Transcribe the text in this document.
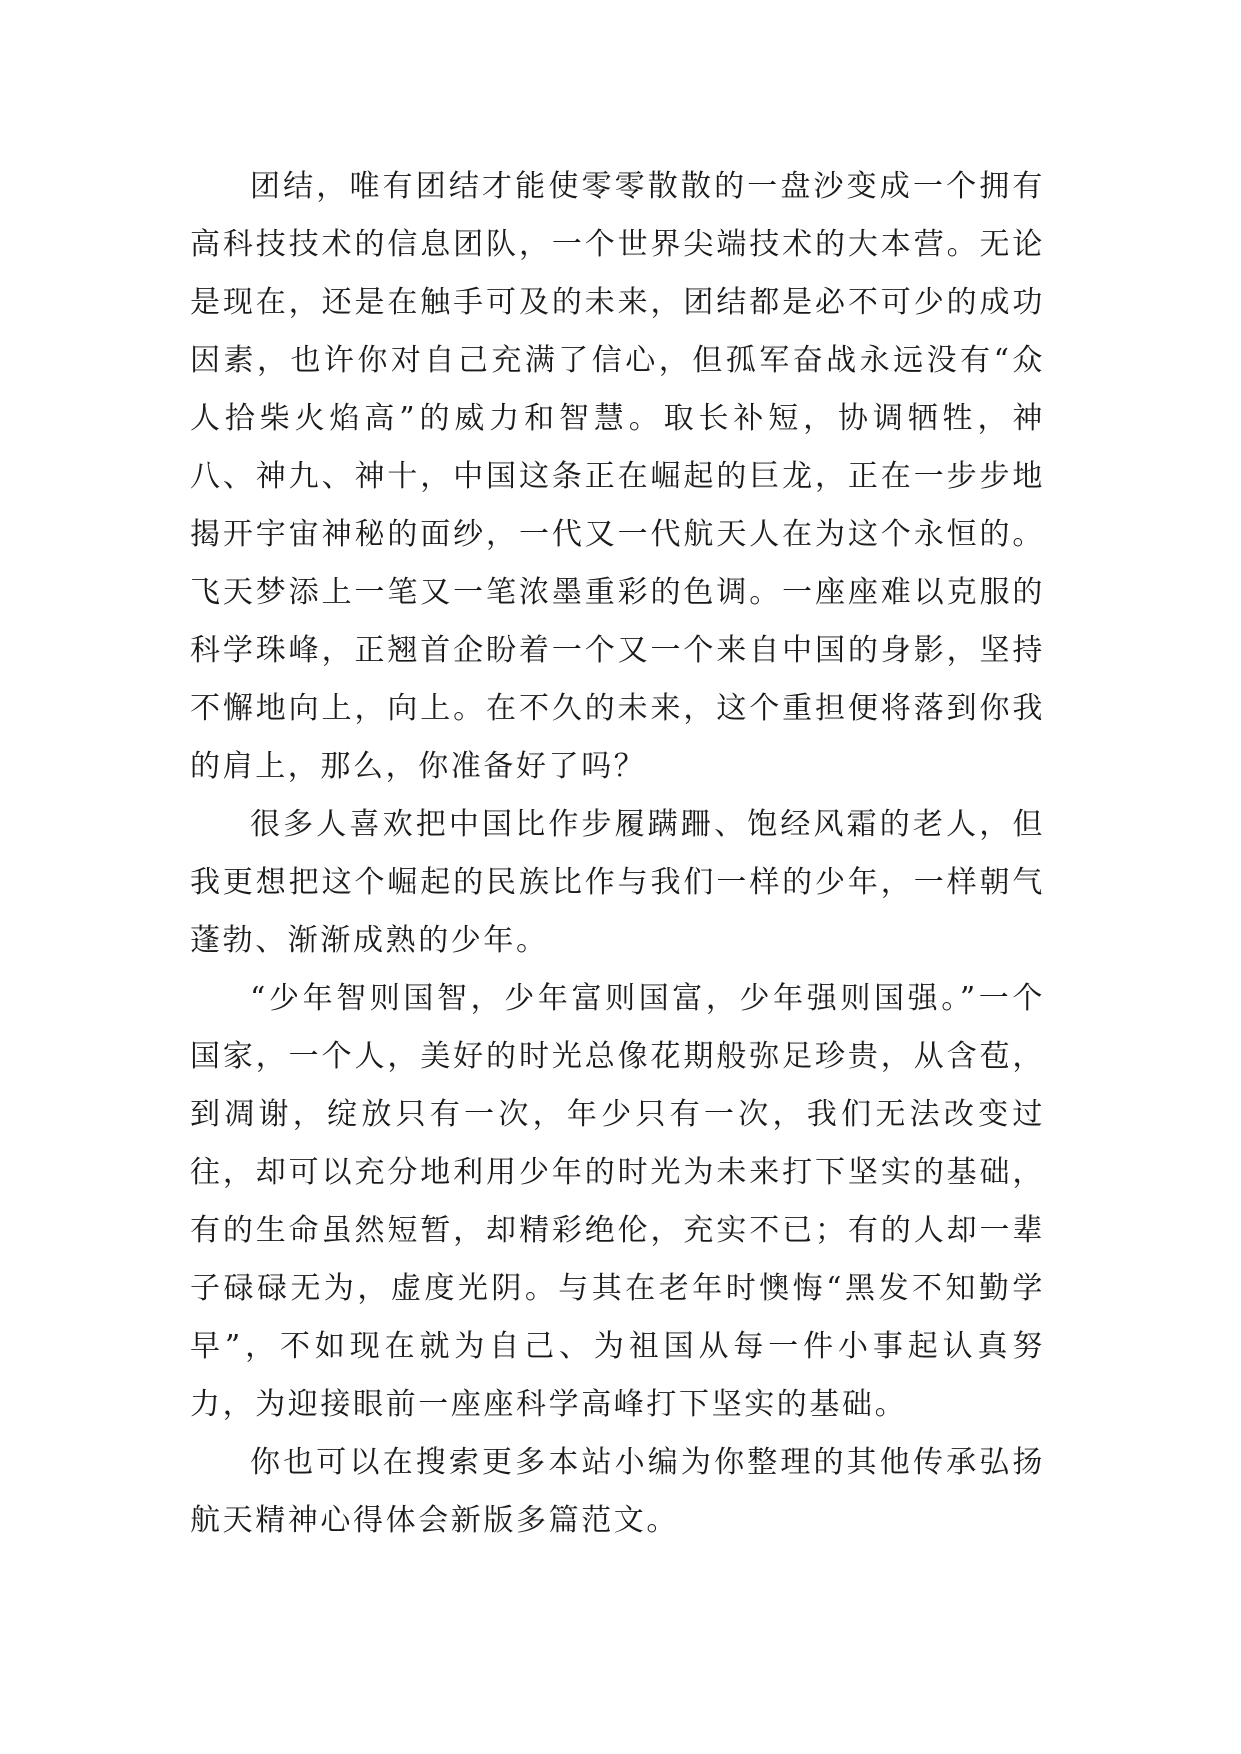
团结，唯有团结才能使零零散散的一盘沙变成一个拥有高科技技术的信息团队，一个世界尖端技术的大本营。无论是现在，还是在触手可及的未来，团结都是必不可少的成功因素，也许你对自己充满了信心，但孤军奋战永远没有“众人拾柴火焰高”的威力和智慧。取长补短，协调牺牲，神八、神九、神十，中国这条正在崛起的巨龙，正在一步步地揭开宇宙神秘的面纱，一代又一代航天人在为这个永恒的。飞天梦添上一笔又一笔浓墨重彩的色调。一座座难以克服的科学珠峰，正翘首企盼着一个又一个来自中国的身影，坚持不懈地向上，向上。在不久的未来，这个重担便将落到你我的肩上，那么，你准备好了吗？

很多人喜欢把中国比作步履蹒跚、饱经风霜的老人，但我更想把这个崛起的民族比作与我们一样的少年，一样朝气蓬勃、渐渐成熟的少年。

“少年智则国智，少年富则国富，少年强则国强。”一个国家，一个人，美好的时光总像花期般弥足珍贵，从含苞，到凋谢，绽放只有一次，年少只有一次，我们无法改变过往，却可以充分地利用少年的时光为未来打下坚实的基础，有的生命虽然短暂，却精彩绝伦，充实不已；有的人却一辈子碌碌无为，虚度光阴。与其在老年时懊悔“黑发不知勤学早”，不如现在就为自己、为祖国从每一件小事起认真努力，为迎接眼前一座座科学高峰打下坚实的基础。

你也可以在搜索更多本站小编为你整理的其他传承弘扬航天精神心得体会新版多篇范文。
